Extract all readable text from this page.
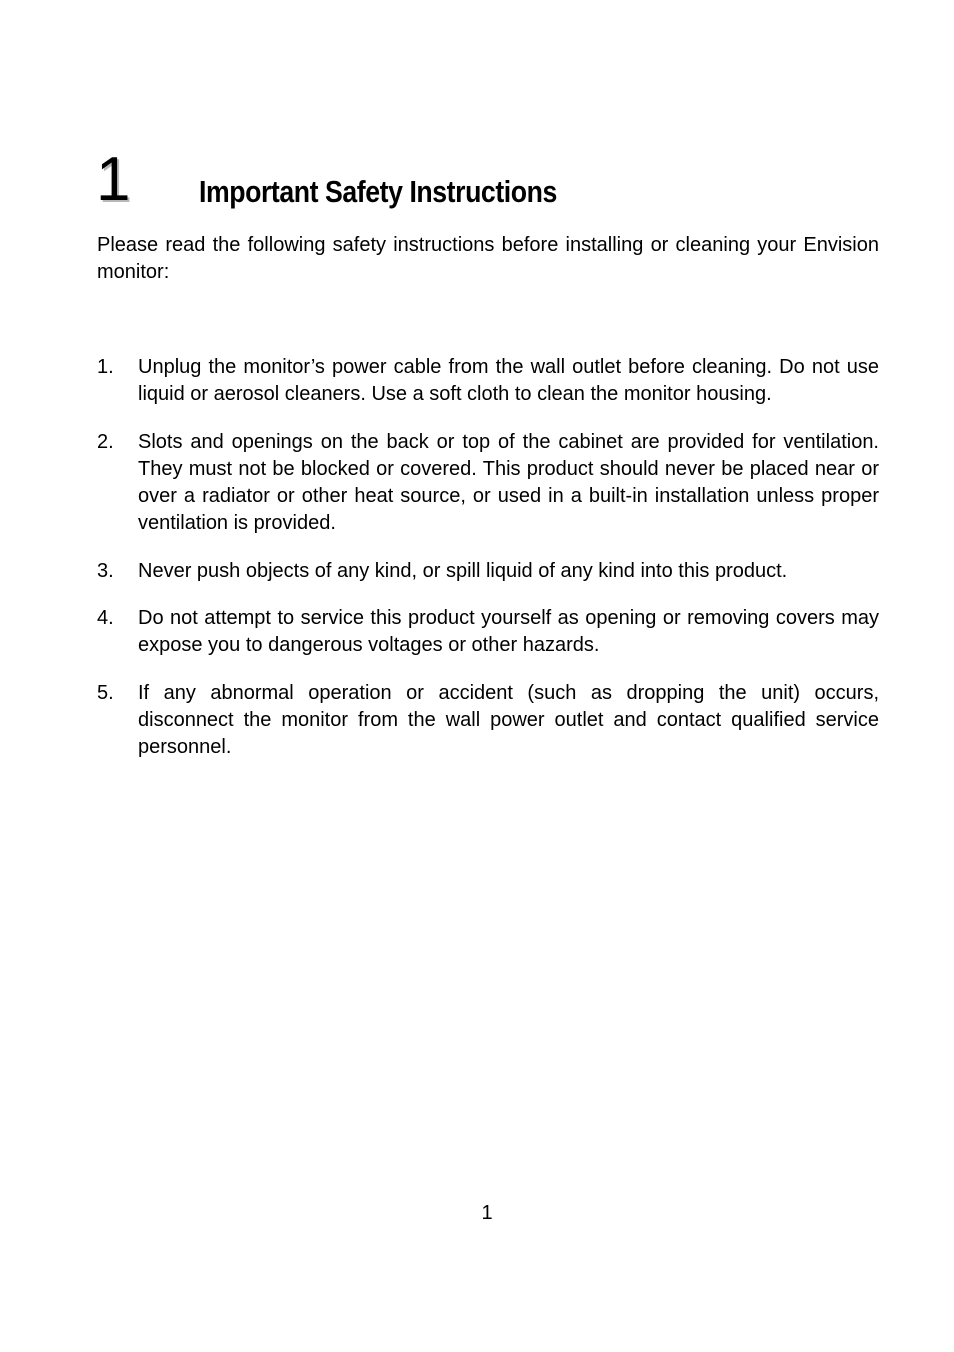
1 Important Safety Instructions

Please read the following safety instructions before installing or cleaning your Envision monitor:

1.	Unplug the monitor’s power cable from the wall outlet before cleaning. Do not use liquid or aerosol cleaners. Use a soft cloth to clean the monitor housing.
2.	Slots and openings on the back or top of the cabinet are provided for ventilation. They must not be blocked or covered. This product should never be placed near or over a radiator or other heat source, or used in a built-in installation unless proper ventilation is provided.
3.	Never push objects of any kind, or spill liquid of any kind into this product.
4.	Do not attempt to service this product yourself as opening or removing covers may expose you to dangerous voltages or other hazards.
5.	If any abnormal operation or accident (such as dropping the unit) occurs, disconnect the monitor from the wall power outlet and contact qualified service personnel.
1
